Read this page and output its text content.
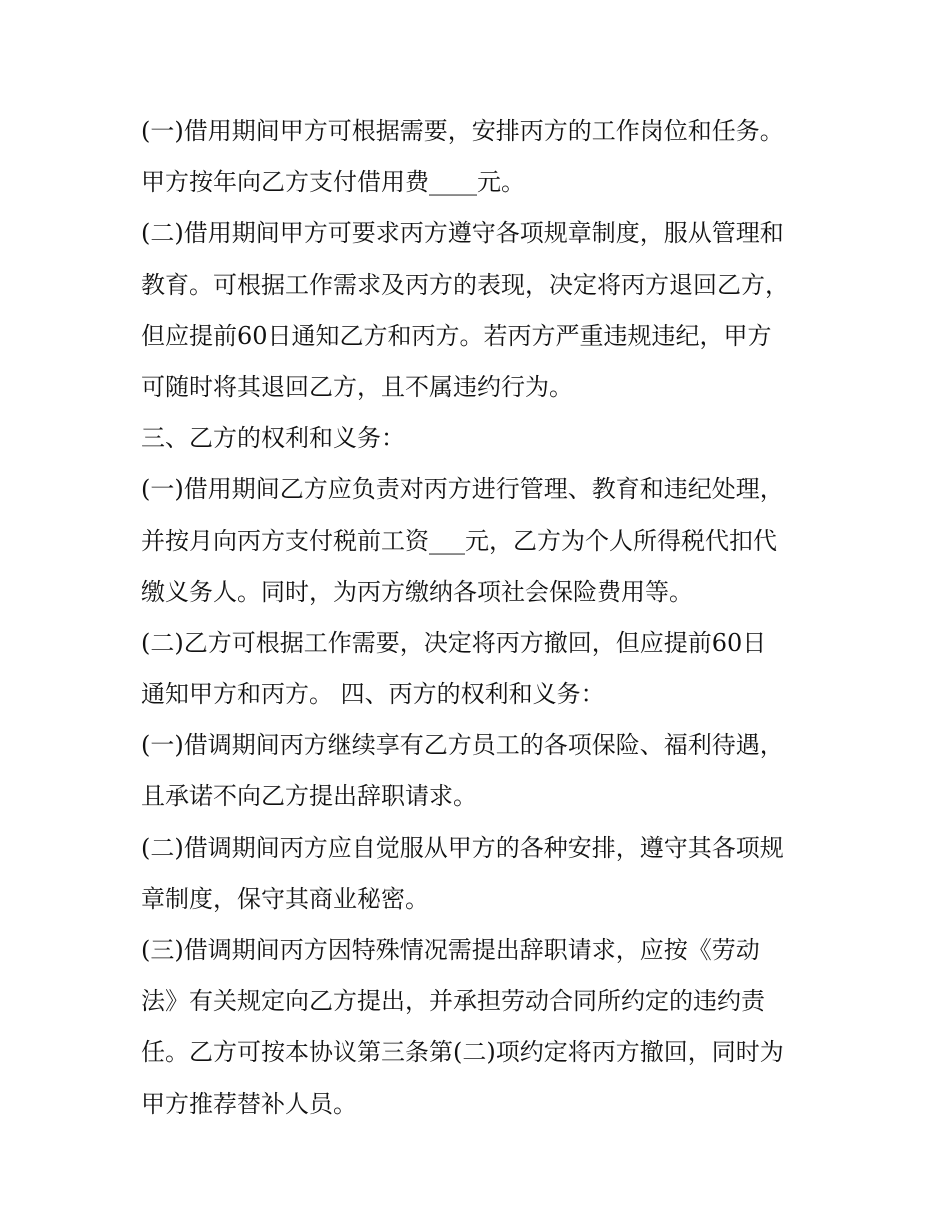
(一)借用期间甲方可根据需要，安排丙方的工作岗位和任务。
甲方按年向乙方支付借用费____元。
(二)借用期间甲方可要求丙方遵守各项规章制度，服从管理和
教育。可根据工作需求及丙方的表现，决定将丙方退回乙方，
但应提前60日通知乙方和丙方。若丙方严重违规违纪，甲方
可随时将其退回乙方，且不属违约行为。
三、乙方的权利和义务：
(一)借用期间乙方应负责对丙方进行管理、教育和违纪处理，
并按月向丙方支付税前工资___元，乙方为个人所得税代扣代
缴义务人。同时，为丙方缴纳各项社会保险费用等。
(二)乙方可根据工作需要，决定将丙方撤回，但应提前60日
通知甲方和丙方。 四、丙方的权利和义务：
(一)借调期间丙方继续享有乙方员工的各项保险、福利待遇，
且承诺不向乙方提出辞职请求。
(二)借调期间丙方应自觉服从甲方的各种安排，遵守其各项规
章制度，保守其商业秘密。
(三)借调期间丙方因特殊情况需提出辞职请求，应按《劳动
法》有关规定向乙方提出，并承担劳动合同所约定的违约责
任。乙方可按本协议第三条第(二)项约定将丙方撤回，同时为
甲方推荐替补人员。
